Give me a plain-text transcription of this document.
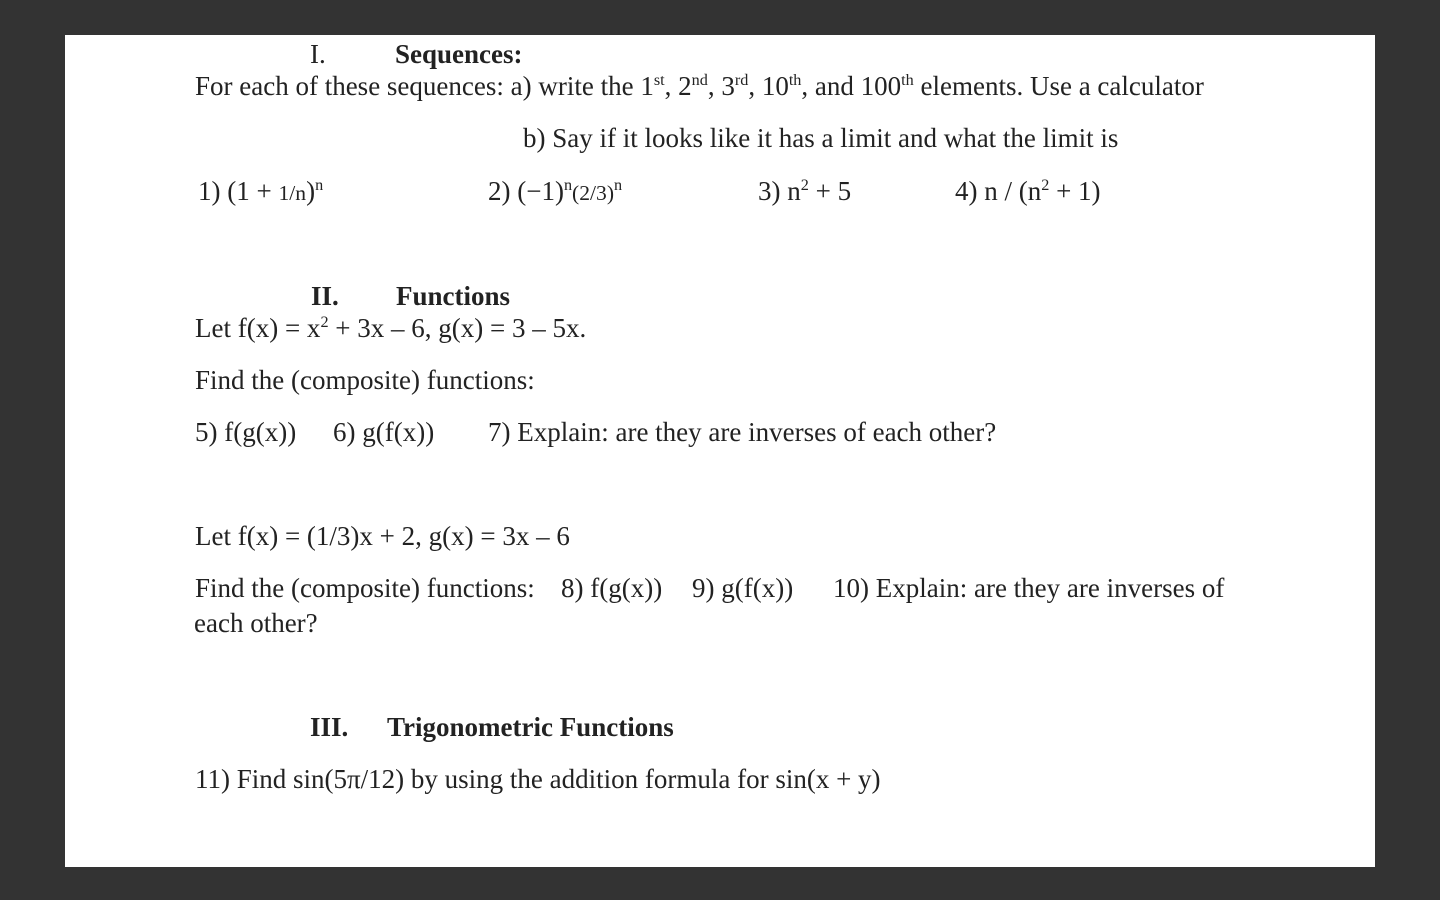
I.	Sequences:
For each of these sequences: a) write the 1st, 2nd, 3rd, 10th, and 100th elements. Use a calculator
b) Say if it looks like it has a limit and what the limit is
1) $(1 + 1/n)^n$	2) $(-1)^n(2/3)^n$	3) $n^2 + 5$	4) $n / (n^2 + 1)$
II. Functions
Let $f(x) = x^2 + 3x - 6$, g(x) = 3 – 5x.
Find the (composite) functions:
5) f(g(x)) 6) g(f(x)) 7) Explain: are they are inverses of each other?
Let f(x) = (1/3)x + 2, g(x) = 3x – 6
Find the (composite) functions: 8) f(g(x)) 9) g(f(x)) 10) Explain: are they are inverses of
each other?
III. Trigonometric Functions
11) Find sin(5π/12) by using the addition formula for sin(x + y)
